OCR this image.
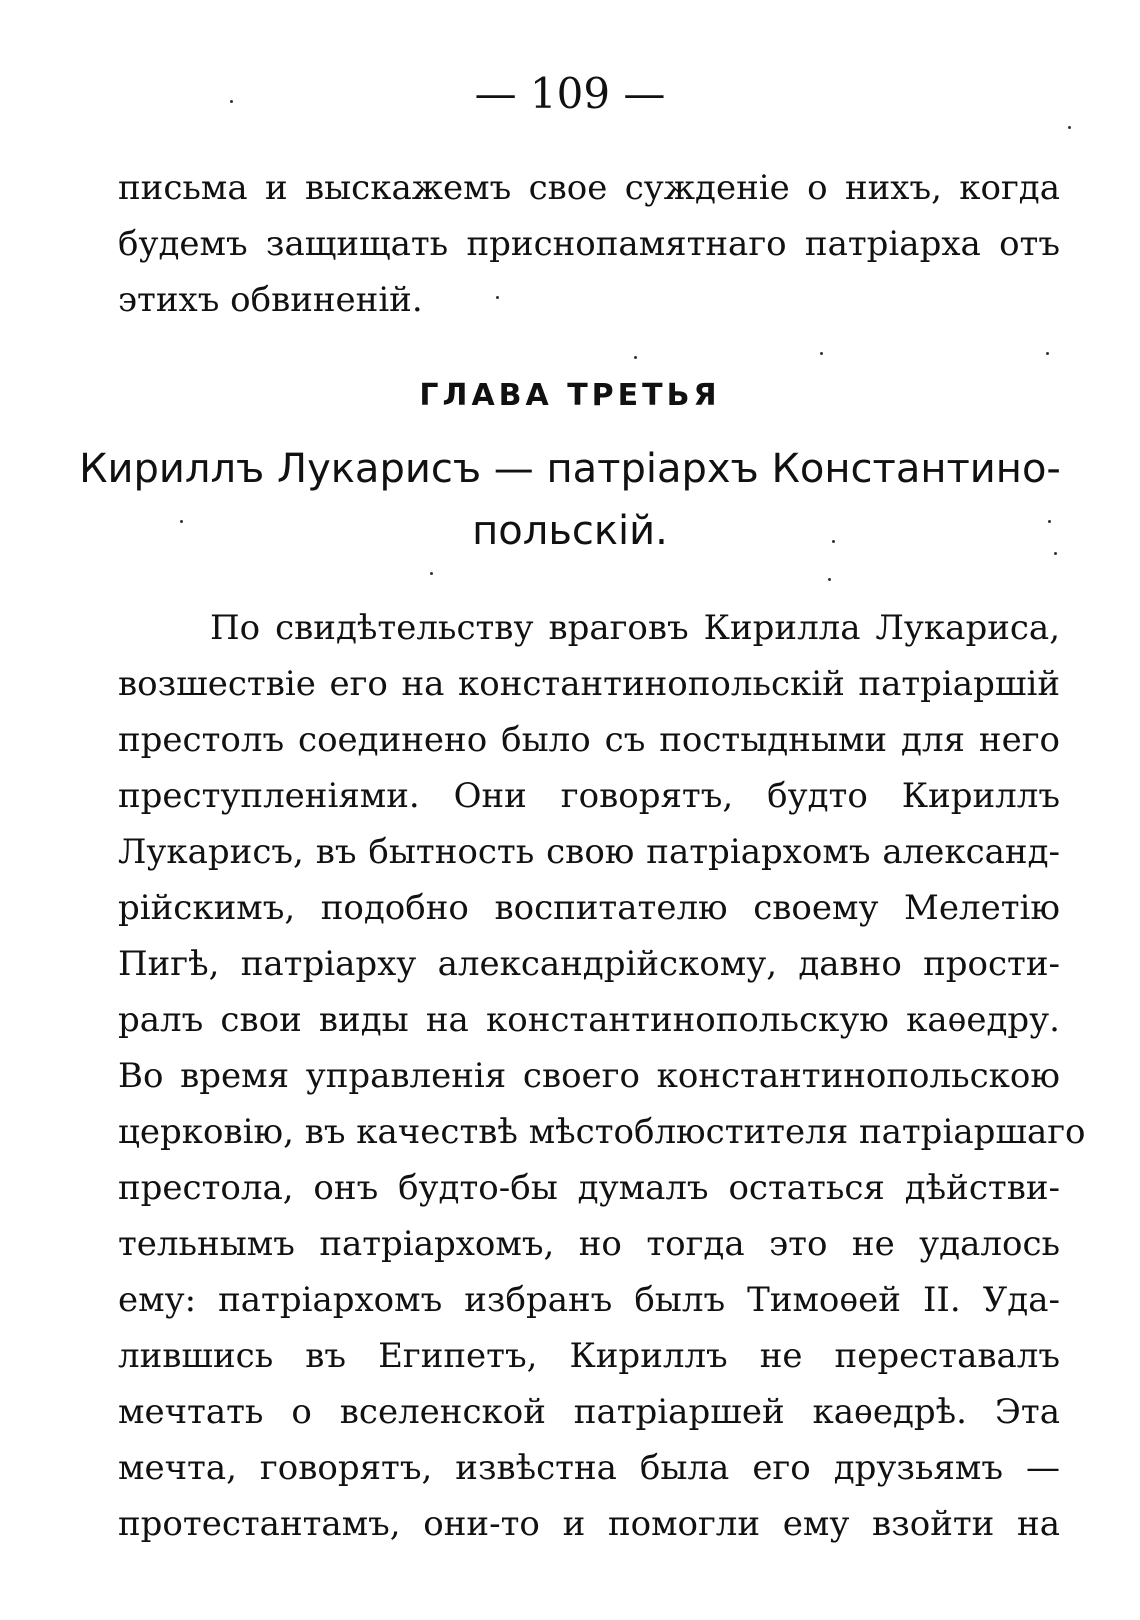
— 109 —
письма и выскажемъ свое сужденіе о нихъ, когда
будемъ защищать приснопамятнаго патріарха отъ
этихъ обвиненій.
ГЛАВА ТРЕТЬЯ
Кириллъ Лукарисъ — патріархъ Константино-
польскій.
По свидѣтельству враговъ Кирилла Лукариса,
возшествіе его на константинопольскій патріаршій
престолъ соединено было съ постыдными для него
преступленіями. Они говорятъ, будто Кириллъ
Лукарисъ, въ бытность свою патріархомъ александ-
рійскимъ, подобно воспитателю своему Мелетію
Пигѣ, патріарху александрійскому, давно прости-
ралъ свои виды на константинопольскую каѳедру.
Во время управленія своего константинопольскою
церковію, въ качествѣ мѣстоблюстителя патріаршаго
престола, онъ будто-бы думалъ остаться дѣйстви-
тельнымъ патріархомъ, но тогда это не удалось
ему: патріархомъ избранъ былъ Тимоѳей II. Уда-
лившись въ Египетъ, Кириллъ не переставалъ
мечтать о вселенской патріаршей каѳедрѣ. Эта
мечта, говорятъ, извѣстна была его друзьямъ —
протестантамъ, они-то и помогли ему взойти на
